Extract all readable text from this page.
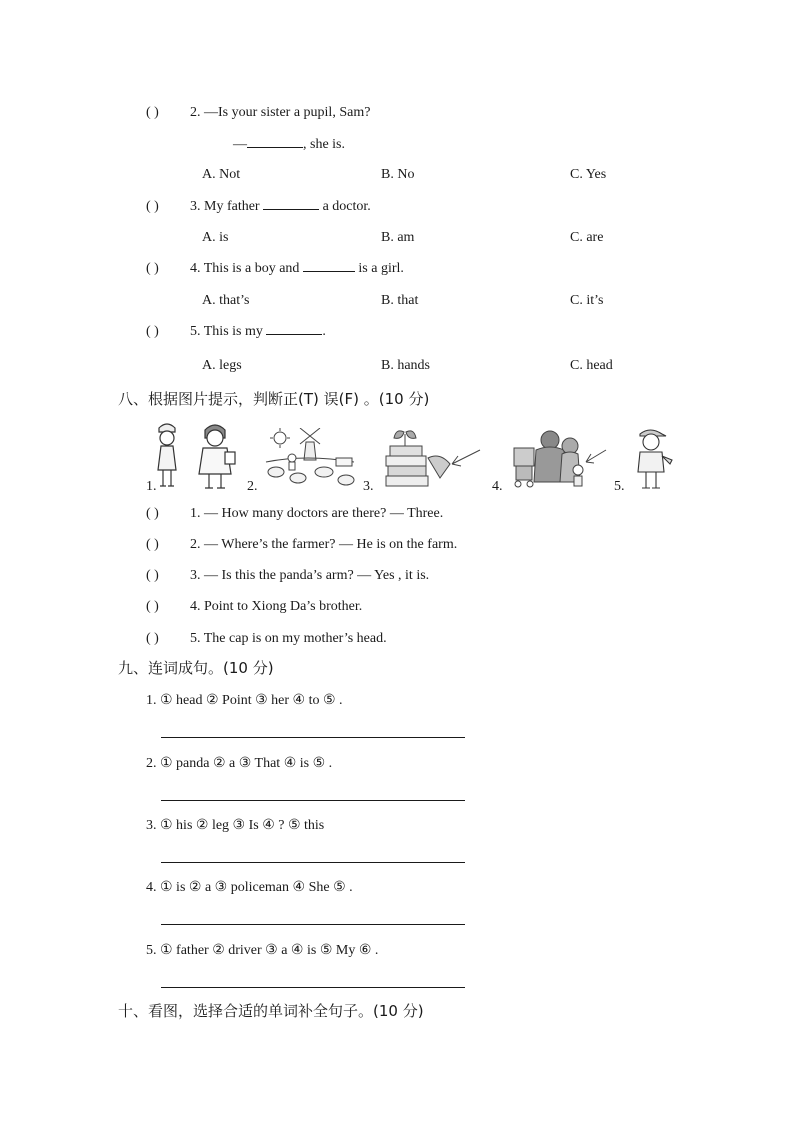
( ) 2. —Is your sister a pupil, Sam?
—	, she is.
A. Not	B. No	C. Yes
( ) 3. My father	a doctor.
A. is	B. am	C. are
( ) 4. This is a boy and	is a girl.
A. that’s	B. that	C. it’s
( ) 5. This is my	.
A. legs	B. hands	C. head
八、根据图片提示，判断正(T) 误(F) 。(10 分)
1.	2.	3.	4.	5.
( ) 1. — How many doctors are there? — Three.
( ) 2. — Where’s the farmer? — He is on the farm.
( ) 3. — Is this the panda’s arm? — Yes , it is.
( ) 4. Point to Xiong Da’s brother.
( ) 5. The cap is on my mother’s head.
九、连词成句。(10 分)
1. ① head ② Point ③ her ④ to ⑤ .
2. ① panda ② a ③ That ④ is ⑤ .
3. ① his ② leg ③ Is ④ ? ⑤ this
4. ① is ② a ③ policeman ④ She ⑤ .
5. ① father ② driver ③ a ④ is ⑤ My ⑥ .
十、看图，选择合适的单词补全句子。(10 分)
